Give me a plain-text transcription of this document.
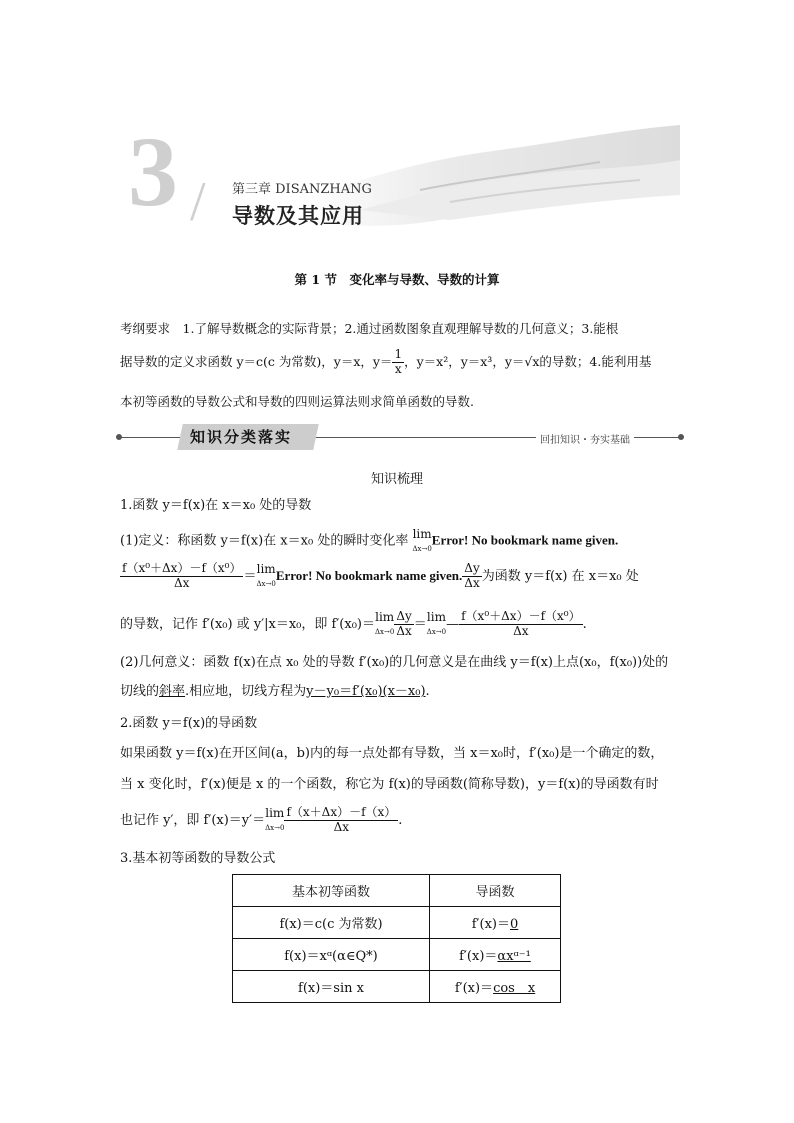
3 / 第三章 DISANZHANG
导数及其应用
第 1 节　变化率与导数、导数的计算
考纲要求　 1.了解导数概念的实际背景；2.通过函数图象直观理解导数的几何意义；3.能根
据导数的定义求函数 y＝c(c 为常数)，y＝x，$y= \frac{1}{x}$ ，y＝x²，y＝x³，y＝√x的导数；4.能利用基
本初等函数的导数公式和导数的四则运算法则求简单函数的导数.
知识分类落实	回扣知识・夯实基础
知识梳理
1.函数 y＝f(x)在 x＝x₀ 处的导数
(1)定义：称函数 y＝f(x)在 x＝x₀ 处的瞬时变化率 lim
Δx→0Error! No bookmark name given.
$\frac{\text{f（x⁰＋Δx）－f（x⁰）}}{\Delta x} =\lim$
Δx→0Error! No bookmark name given. $\frac{\Delta y}{\Delta x}$ 为函数 y＝f(x) 在 x＝x₀ 处
的导数，记作 f′(x₀) 或 y′|x＝x₀，即 f′(x₀)＝lim
$\Delta x\to 0 \frac{\Delta y}{\Delta x} =\lim$
Δx→0— $\frac{\text{f（x⁰＋Δx）－f（x⁰）}}{\Delta x}$ .
(2)几何意义：函数 f(x)在点 x₀ 处的导数 f′(x₀)的几何意义是在曲线 y＝f(x)上点(x₀，f(x₀))处的
切线的斜率.相应地，切线方程为y－y₀＝f′(x₀)(x－x₀).
2.函数 y＝f(x)的导函数
如果函数 y＝f(x)在开区间(a，b)内的每一点处都有导数，当 x＝x₀时，f′(x₀)是一个确定的数，
当 x 变化时，f′(x)便是 x 的一个函数，称它为 f(x)的导函数(简称导数)，y＝f(x)的导函数有时
也记作 y′，即 f′(x)＝y′＝lim
$\Delta x\to 0 \frac{f(x+\Delta x)-f(x)}{\Delta x}$ .
3.基本初等函数的导数公式
基本初等函数	导函数
f(x)＝c(c 为常数)	f′(x)＝0
f(x)＝xᵅ(α∈Q*)	f′(x)＝αxᵅ⁻¹
f(x)＝sin x	f′(x)＝cos　x
